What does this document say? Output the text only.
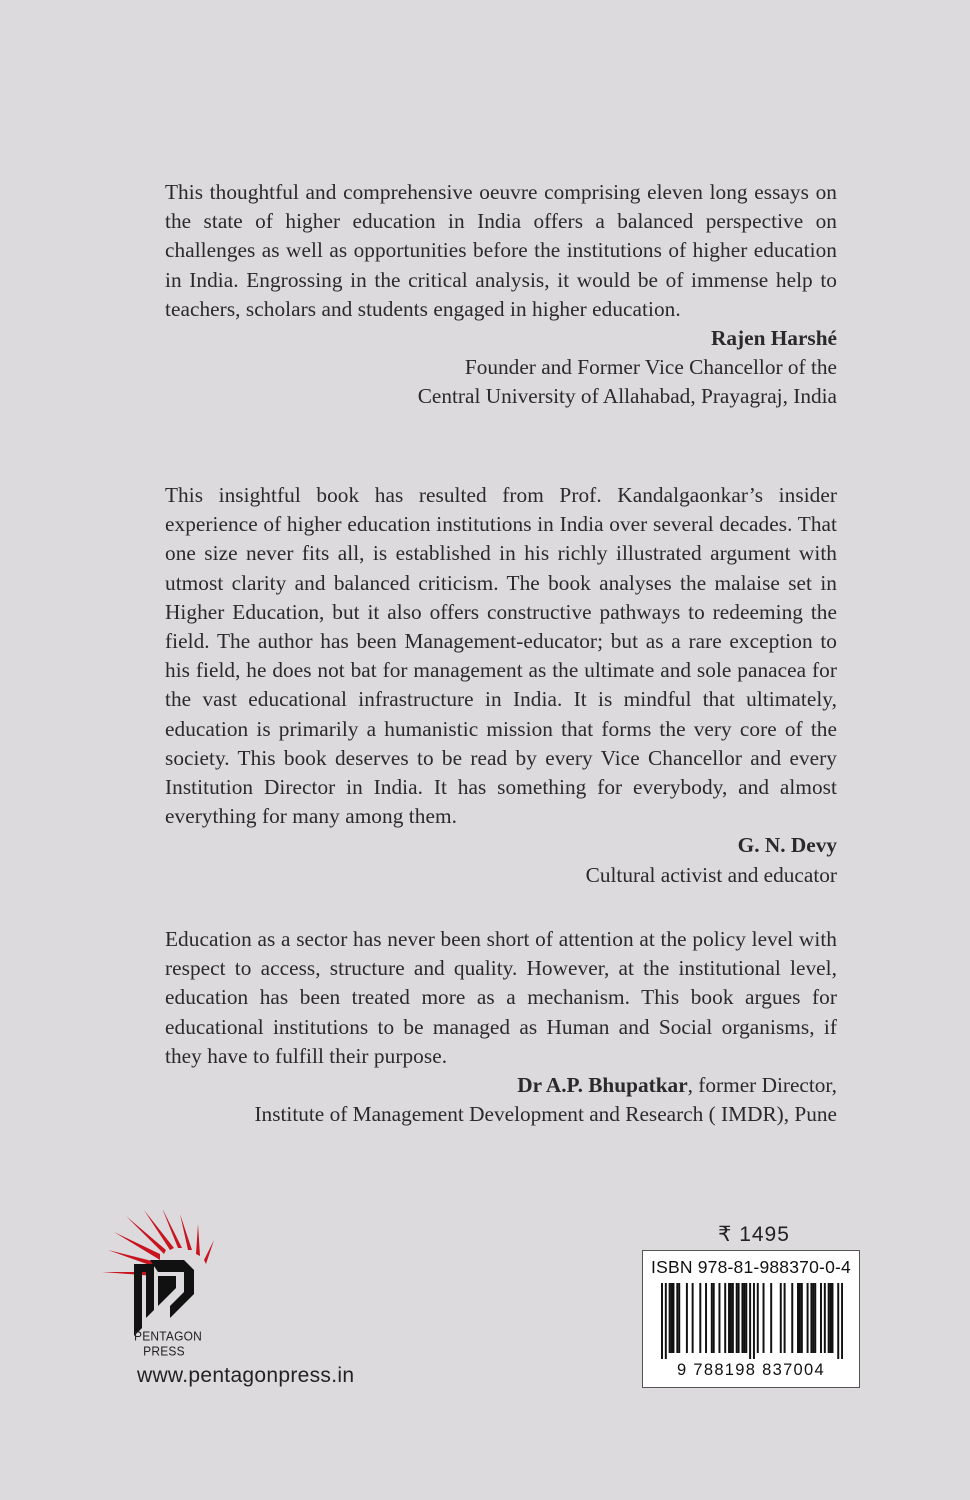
This thoughtful and comprehensive oeuvre comprising eleven long essays on the state of higher education in India offers a balanced perspective on challenges as well as opportunities before the institutions of higher education in India. Engrossing in the critical analysis, it would be of immense help to teachers, scholars and students engaged in higher education.

Rajen Harshé
Founder and Former Vice Chancellor of the
Central University of Allahabad, Prayagraj, India

This insightful book has resulted from Prof. Kandalgaonkar’s insider experience of higher education institutions in India over several decades. That one size never fits all, is established in his richly illustrated argument with utmost clarity and balanced criticism. The book analyses the malaise set in Higher Education, but it also offers constructive pathways to redeeming the field. The author has been Management-educator; but as a rare exception to his field, he does not bat for management as the ultimate and sole panacea for the vast educational infrastructure in India. It is mindful that ultimately, education is primarily a humanistic mission that forms the very core of the society. This book deserves to be read by every Vice Chancellor and every Institution Director in India. It has something for everybody, and almost everything for many among them.

G. N. Devy
Cultural activist and educator

Education as a sector has never been short of attention at the policy level with respect to access, structure and quality. However, at the institutional level, education has been treated more as a mechanism. This book argues for educational institutions to be managed as Human and Social organisms, if they have to fulfill their purpose.

Dr A.P. Bhupatkar, former Director,
Institute of Management Development and Research ( IMDR), Pune
PENTAGON
PRESS
www.pentagonpress.in
₹ 1495
ISBN 978-81-988370-0-4
9 788198 837004
